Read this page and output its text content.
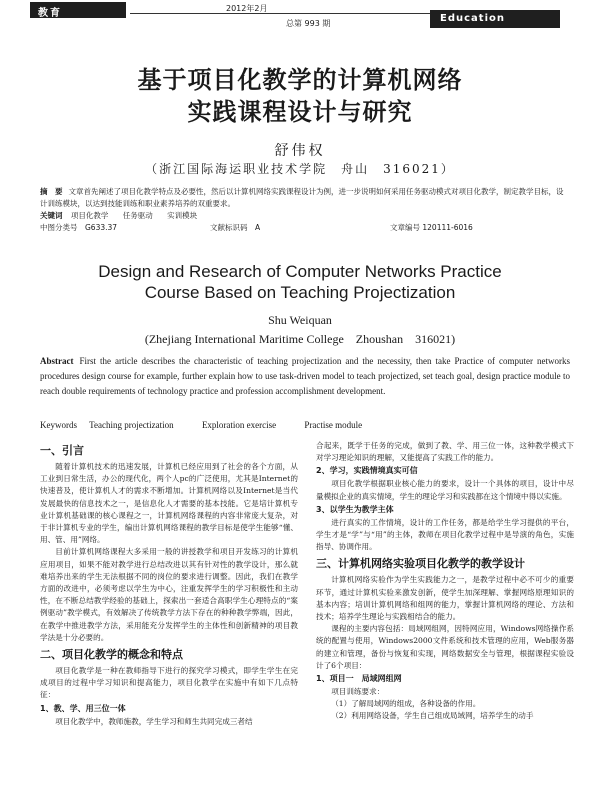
教育	2012年2月
总第 993 期	Education
基于项目化教学的计算机网络
实践课程设计与研究
舒伟权
（浙江国际海运职业技术学院　舟山　316021）
摘　要 文章首先阐述了项目化教学特点及必要性，然后以计算机网络实践课程设计为例，进一步说明如何采用任务驱动模式对项目化教学，制定教学目标，设计训练模块，以达到技能训练和职业素养培养的双重要求。
关键词 项目化教学 任务驱动 实训模块
中图分类号　G633.37	文献标识码　A	文章编号 120111-6016
Design and Research of Computer Networks Practice
Course Based on Teaching Projectization
Shu Weiquan
(Zhejiang International Maritime College　Zhoushan　316021)
Abstract First the article describes the characteristic of teaching projectization and the necessity, then take Practice of computer networks procedures design course for example, further explain how to use task-driven model to teach projectized, set teach goal, design practice module to reach double requirements of technology practice and profession accomplishment development.
Keywords Teaching projectization	Exploration exercise	Practise module
一、引言

随着计算机技术的迅速发展，计算机已经应用到了社会的各个方面，从工业到日常生活，办公的现代化，两个人pc的广泛使用，尤其是Internet的快速普及，使计算机人才的需求不断增加。计算机网络以及Internet是当代发展最快的信息技术之一，是信息化人才需要的基本技能。它是培计算机专业计算机基础课的核心课程之一，计算机网络课程的内容非常庞大复杂，对于非计算机专业的学生，编出计算机网络课程的教学目标是使学生能够“懂、用、管、用”网络。

目前计算机网络课程大多采用一般的讲授教学和项目开发练习的计算机应用项目，如果不能对教学进行总结改进以其有针对性的教学设计，那么就难培养出来的学生无法根据不同的岗位的要求进行调整。因此，我们在教学方面的改进中，必须考虑以学生为中心，注重发挥学生的学习积极性和主动性，在不断总结教学经验的基础上，探索出一套适合高职学生心理特点的“案例驱动”教学模式，有效解决了传统教学方法下存在的种种教学弊端，因此，在教学中推进教学方法，采用能充分发挥学生的主体性和创新精神的项目教学法是十分必要的。

二、项目化教学的概念和特点

项目化教学是一种在教师指导下进行的探究学习模式，即学生学生在完成项目的过程中学习知识和提高能力，项目化教学在实施中有如下几点特征：

1、教、学、用三位一体

项目化教学中，教师施教，学生学习和师生共同完成三者结

合起来，既学于任务的完成，做到了教、学、用三位一体，这种教学模式下对学习理论知识的理解，又能提高了实践工作的能力。

2、学习，实践情境真实可信

项目化教学根据职业核心能力的要求，设计一个具体的项目，设计中尽量模拟企业的真实情境，学生的理论学习和实践都在这个情境中得以实施。

3、以学生为教学主体

进行真实的工作情境，设计的工作任务，都是给学生学习提供的平台，学生才是“学”与“用”的主体，教师在项目化教学过程中是导演的角色，实施指导、协调作用。

三、计算机网络实验项目化教学的教学设计

计算机网络实验作为学生实践能力之一，是教学过程中必不可少的重要环节，通过计算机实验来激发创新，使学生加深理解、掌握网络原理知识的基本内容；培训计算机网络和组网的能力，掌握计算机网络的理论、方法和技术；培养学生理论与实践相结合的能力。

课程的主要内容包括：局域网组网，因特网应用，Windows网络操作系统的配置与使用，Windows2000文件系统和技术管理的应用，Web服务器的建立和管理，备份与恢复和实现，网络数据安全与管理，根据课程实验设计了6个项目：

1、项目一　局域网组网

项目训练要求：

（1）了解局域网的组成，各种设备的作用。

（2）利用网络设备，学生自己组成局域网，培养学生的动手
